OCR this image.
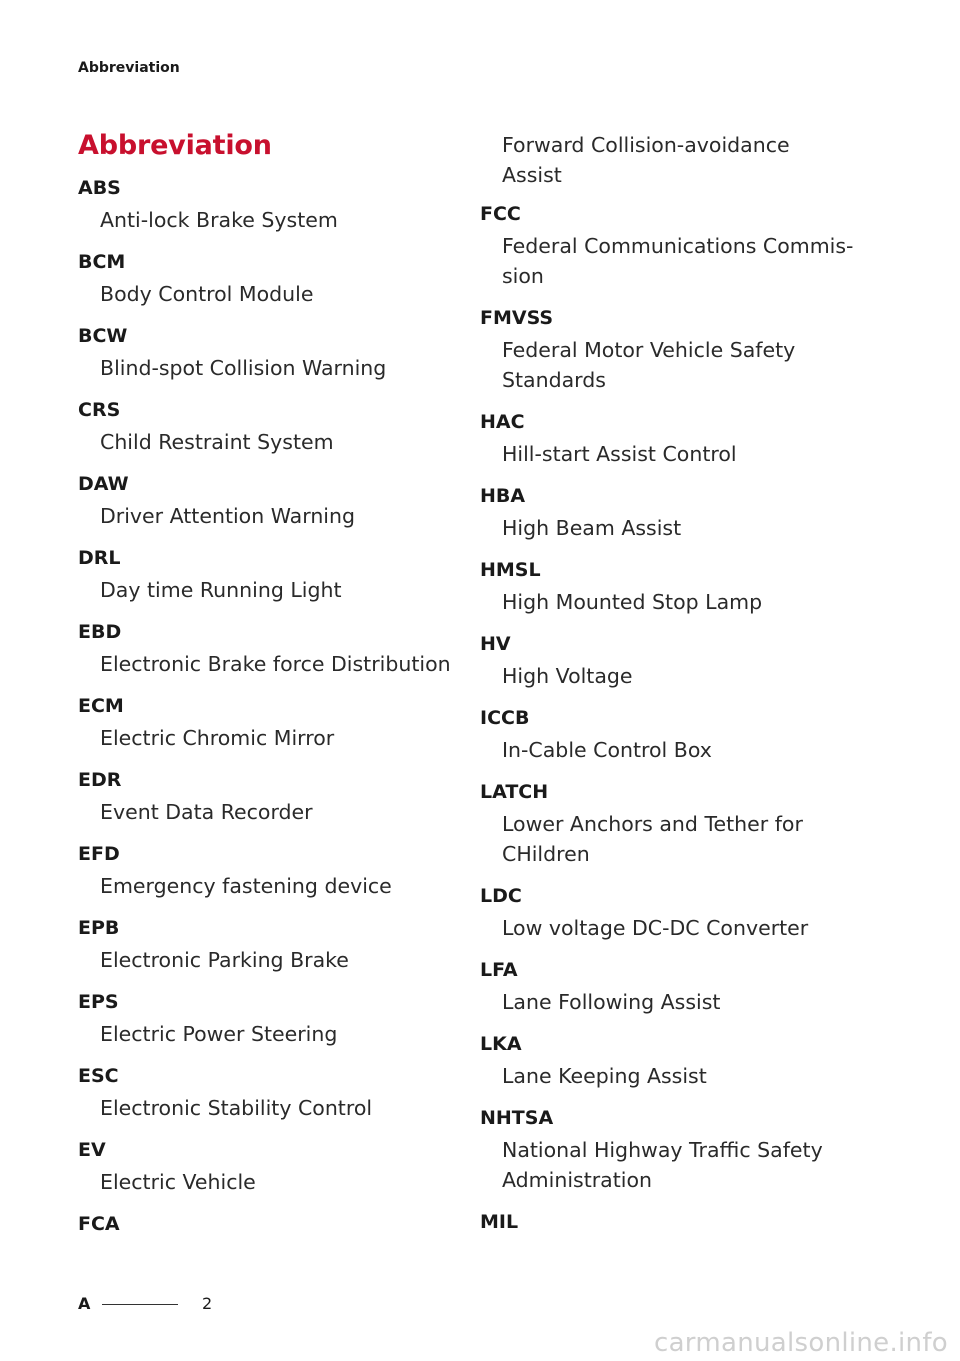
Abbreviation
Abbreviation

ABS

Anti-lock Brake System

BCM

Body Control Module

BCW

Blind-spot Collision Warning

CRS

Child Restraint System

DAW

Driver Attention Warning

DRL

Day time Running Light

EBD

Electronic Brake force Distribution

ECM

Electric Chromic Mirror

EDR

Event Data Recorder

EFD

Emergency fastening device

EPB

Electronic Parking Brake

EPS

Electric Power Steering

ESC

Electronic Stability Control

EV

Electric Vehicle

FCA

Forward Collision-avoidance

Assist

FCC

Federal Communications Commis-

sion

FMVSS

Federal Motor Vehicle Safety

Standards

HAC

Hill-start Assist Control

HBA

High Beam Assist

HMSL

High Mounted Stop Lamp

HV

High Voltage

ICCB

In-Cable Control Box

LATCH

Lower Anchors and Tether for

CHildren

LDC

Low voltage DC-DC Converter

LFA

Lane Following Assist

LKA

Lane Keeping Assist

NHTSA

National Highway Traffic Safety

Administration

MIL

A	2
carmanualsonline.info
